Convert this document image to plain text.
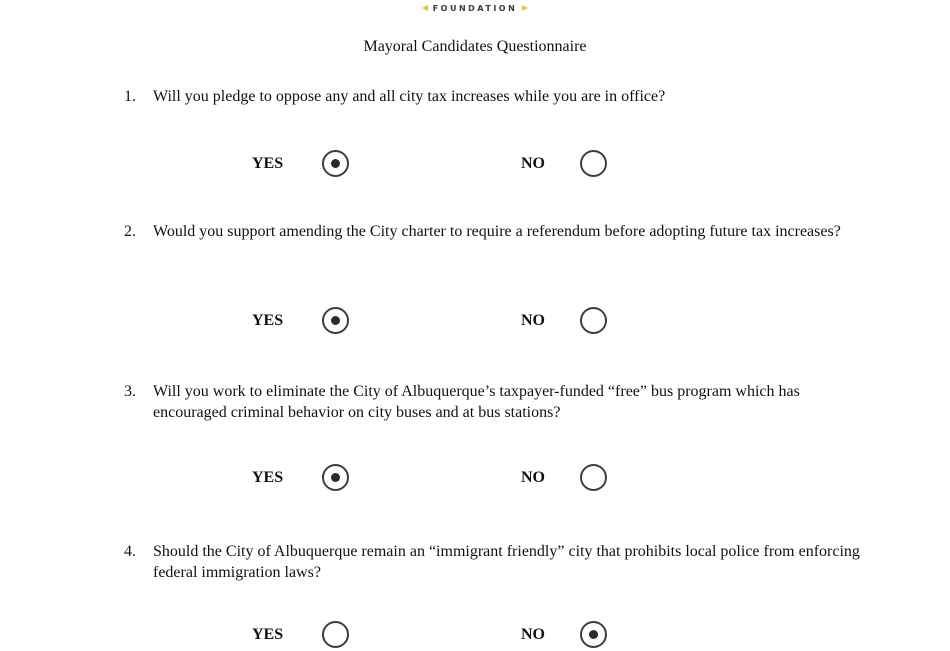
FOUNDATION
Mayoral Candidates Questionnaire
1. Will you pledge to oppose any and all city tax increases while you are in office?
YES	NO
2. Would you support amending the City charter to require a referendum before adopting future tax increases?
YES	NO
3. Will you work to eliminate the City of Albuquerque’s taxpayer-funded “free” bus program which has encouraged criminal behavior on city buses and at bus stations?
YES	NO
4. Should the City of Albuquerque remain an “immigrant friendly” city that prohibits local police from enforcing federal immigration laws?
YES	NO
